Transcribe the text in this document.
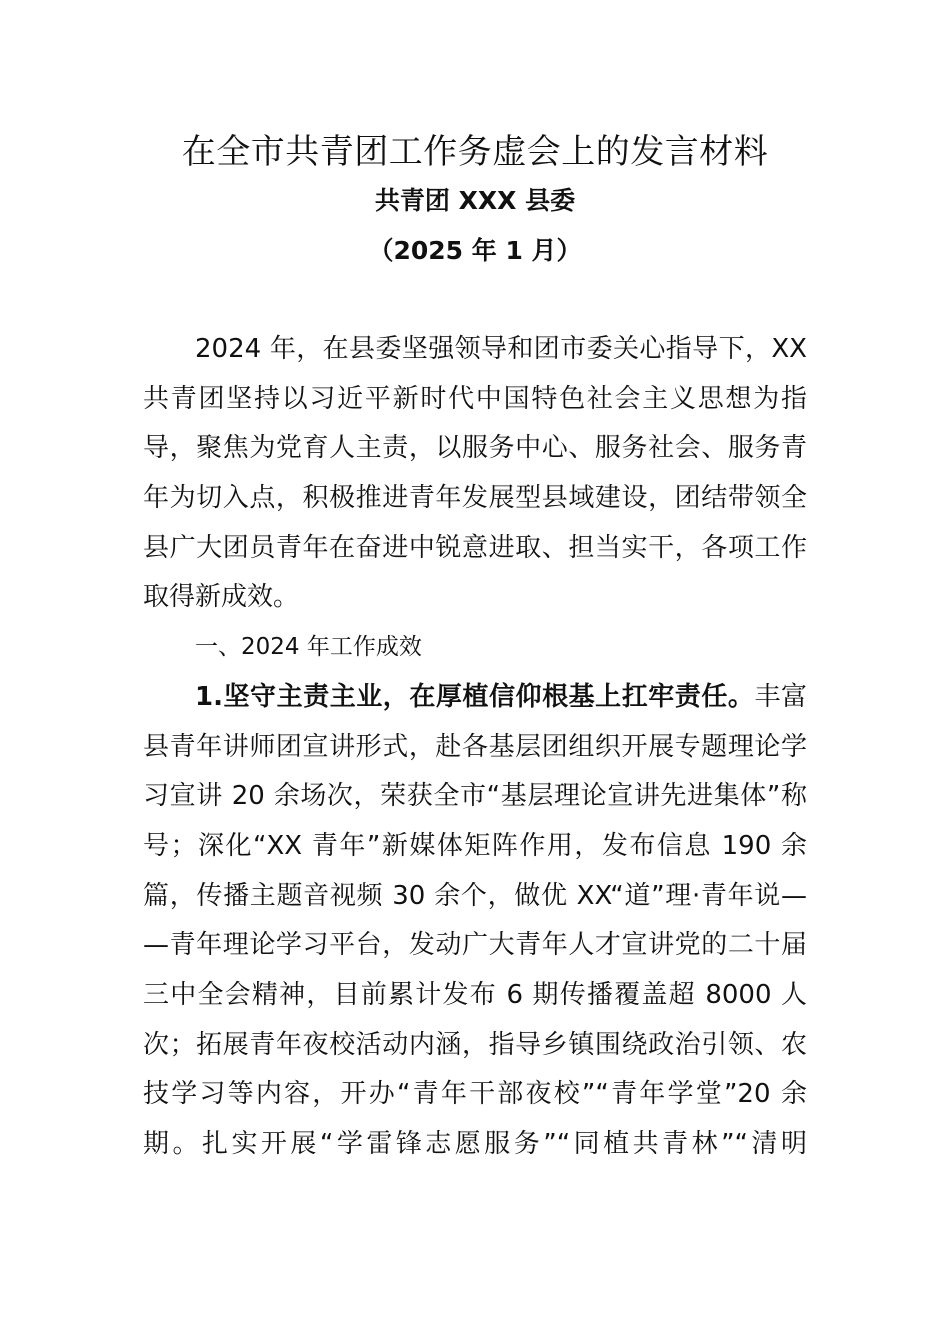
在全市共青团工作务虚会上的发言材料
共青团 XXX 县委
（2025 年 1 月）
2024 年，在县委坚强领导和团市委关心指导下，XX
共青团坚持以习近平新时代中国特色社会主义思想为指
导，聚焦为党育人主责，以服务中心、服务社会、服务青
年为切入点，积极推进青年发展型县域建设，团结带领全
县广大团员青年在奋进中锐意进取、担当实干，各项工作
取得新成效。
一、2024 年工作成效
1.坚守主责主业，在厚植信仰根基上扛牢责任。丰富
县青年讲师团宣讲形式，赴各基层团组织开展专题理论学
习宣讲 20 余场次，荣获全市“基层理论宣讲先进集体”称
号；深化“XX 青年”新媒体矩阵作用，发布信息 190 余
篇，传播主题音视频 30 余个，做优 XX“道”理·青年说—
—青年理论学习平台，发动广大青年人才宣讲党的二十届
三中全会精神，目前累计发布 6 期传播覆盖超 8000 人
次；拓展青年夜校活动内涵，指导乡镇围绕政治引领、农
技学习等内容，开办“青年干部夜校”“青年学堂”20 余
期。扎实开展“学雷锋志愿服务”“同植共青林”“清明
